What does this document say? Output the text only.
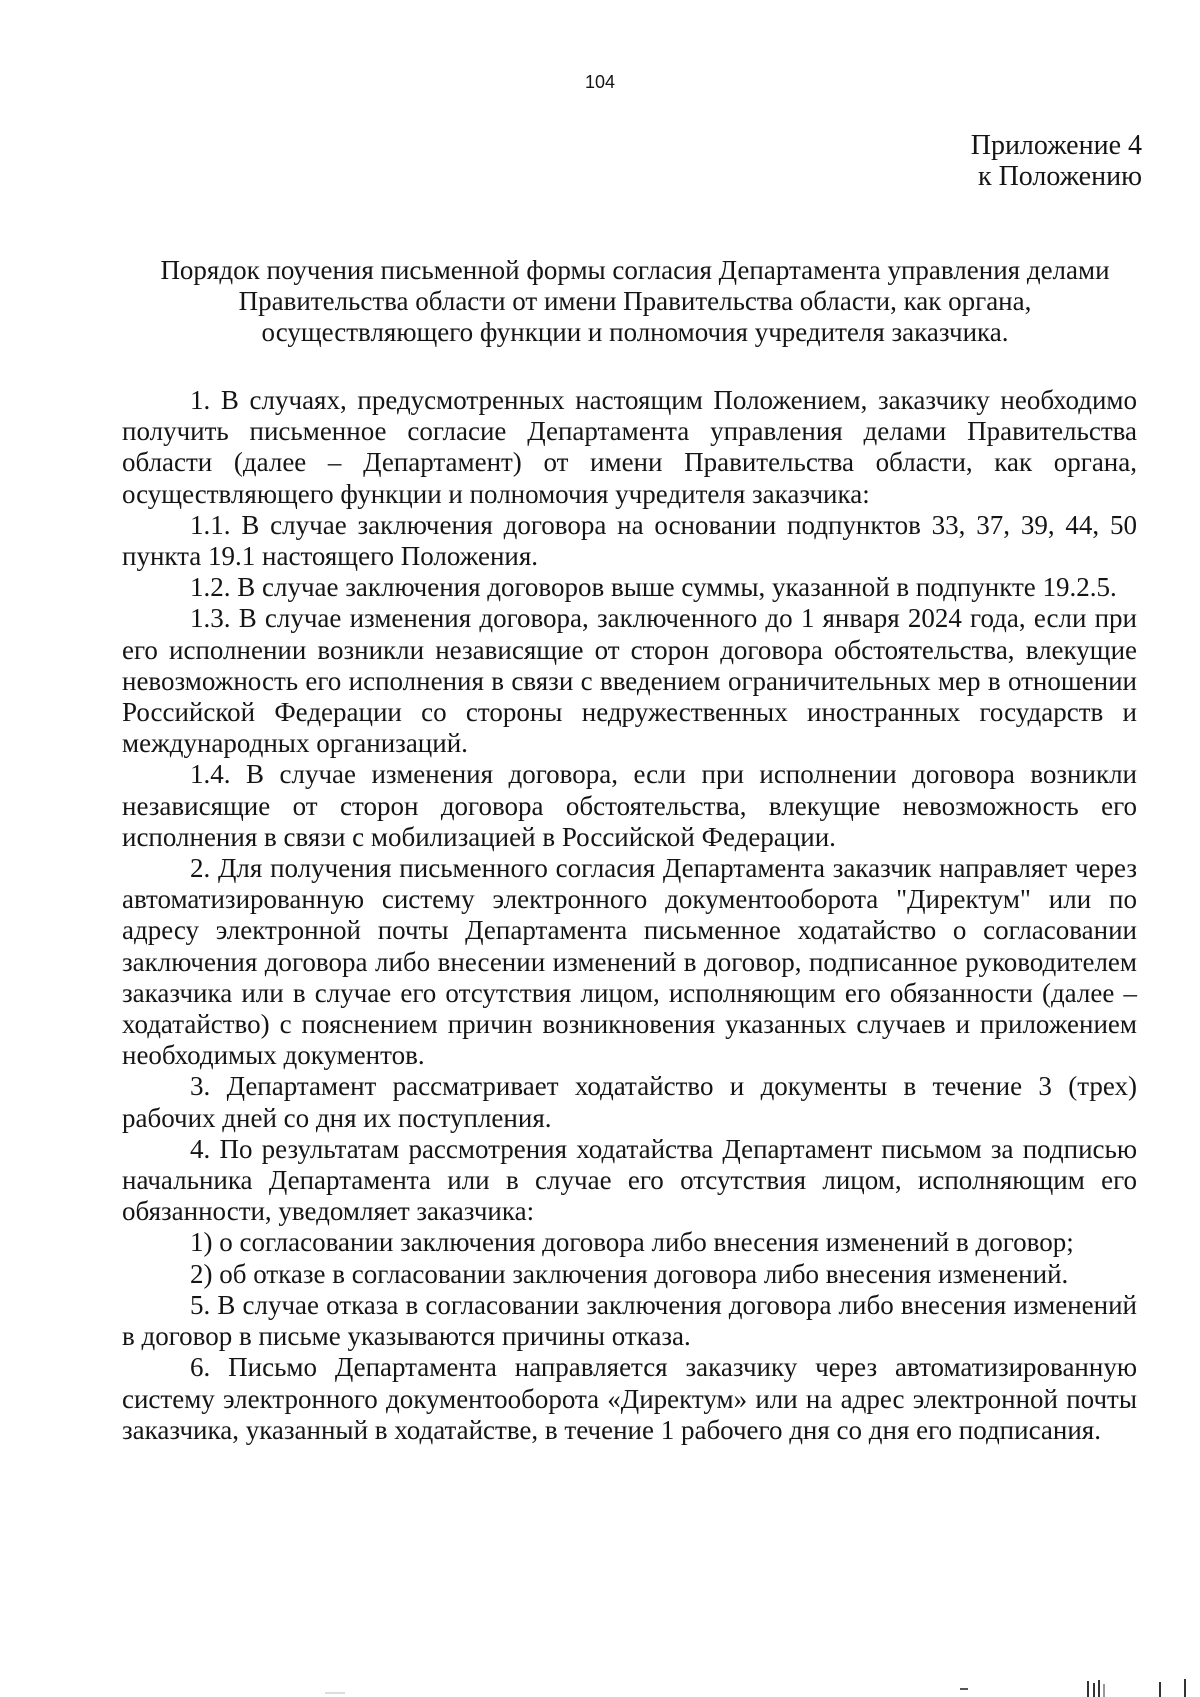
104
Приложение 4
к Положению
Порядок поучения письменной формы согласия Департамента управления делами Правительства области от имени Правительства области, как органа, осуществляющего функции и полномочия учредителя заказчика.

1. В случаях, предусмотренных настоящим Положением, заказчику необходимо получить письменное согласие Департамента управления делами Правительства области (далее – Департамент) от имени Правительства области, как органа, осуществляющего функции и полномочия учредителя заказчика:

1.1. В случае заключения договора на основании подпунктов 33, 37, 39, 44, 50 пункта 19.1 настоящего Положения.

1.2. В случае заключения договоров выше суммы, указанной в подпункте 19.2.5.

1.3. В случае изменения договора, заключенного до 1 января 2024 года, если при его исполнении возникли независящие от сторон договора обстоятельства, влекущие невозможность его исполнения в связи с введением ограничительных мер в отношении Российской Федерации со стороны недружественных иностранных государств и международных организаций.

1.4. В случае изменения договора, если при исполнении договора возникли независящие от сторон договора обстоятельства, влекущие невозможность его исполнения в связи с мобилизацией в Российской Федерации.

2. Для получения письменного согласия Департамента заказчик направляет через автоматизированную систему электронного документооборота "Директум" или по адресу электронной почты Департамента письменное ходатайство о согласовании заключения договора либо внесении изменений в договор, подписанное руководителем заказчика или в случае его отсутствия лицом, исполняющим его обязанности (далее – ходатайство) с пояснением причин возникновения указанных случаев и приложением необходимых документов.

3. Департамент рассматривает ходатайство и документы в течение 3 (трех) рабочих дней со дня их поступления.

4. По результатам рассмотрения ходатайства Департамент письмом за подписью начальника Департамента или в случае его отсутствия лицом, исполняющим его обязанности, уведомляет заказчика:

1) о согласовании заключения договора либо внесения изменений в договор;

2) об отказе в согласовании заключения договора либо внесения изменений.

5. В случае отказа в согласовании заключения договора либо внесения изменений в договор в письме указываются причины отказа.

6. Письмо Департамента направляется заказчику через автоматизированную систему электронного документооборота «Директум» или на адрес электронной почты заказчика, указанный в ходатайстве, в течение 1 рабочего дня со дня его подписания.
